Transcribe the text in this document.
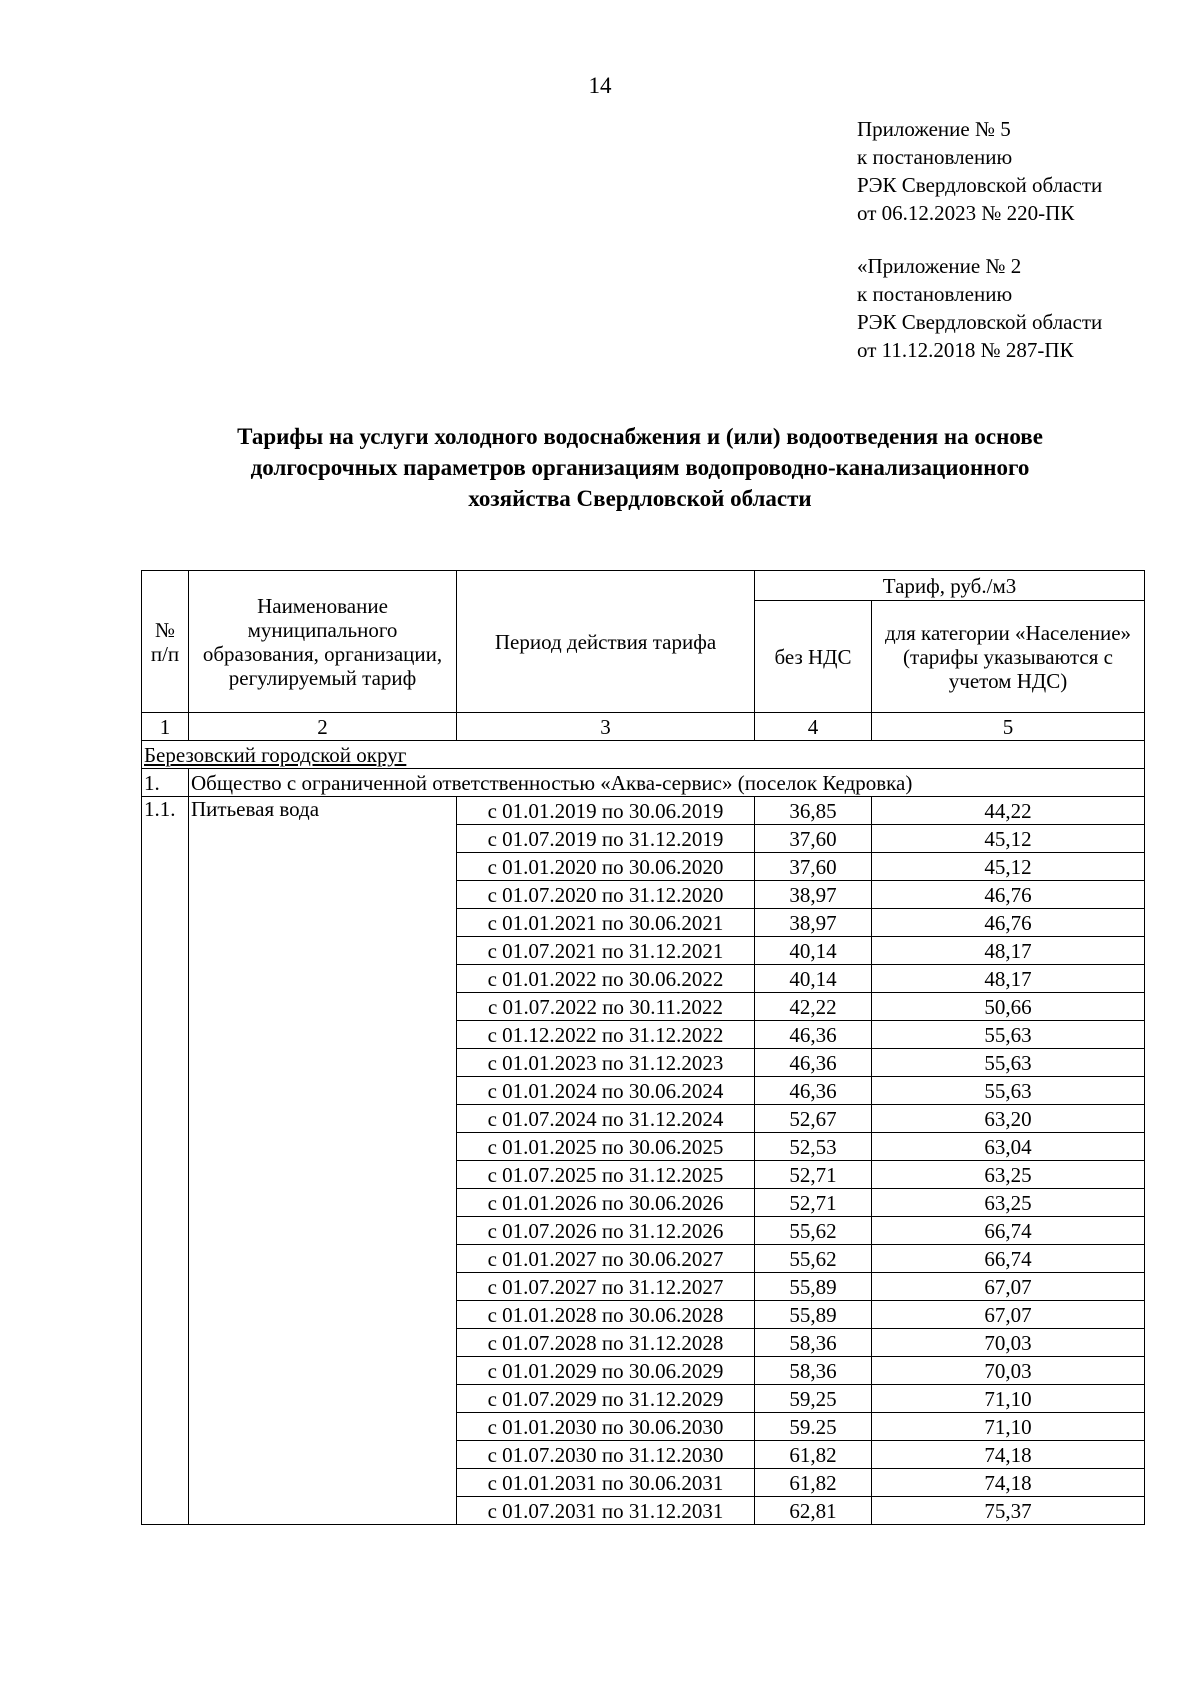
14
Приложение № 5
к постановлению
РЭК Свердловской области
от 06.12.2023 № 220-ПК
«Приложение № 2
к постановлению
РЭК Свердловской области
от 11.12.2018 № 287-ПК
Тарифы на услуги холодного водоснабжения и (или) водоотведения на основе
долгосрочных параметров организациям водопроводно-канализационного
хозяйства Свердловской области
№ п/п	Наименование муниципального образования, организации, регулируемый тариф	Период действия тарифа	Тариф, руб./м3	
			без НДС	для категории «Население» (тарифы указываются с учетом НДС)
1	2	3	4	5
Березовский городской округ				
1.	Общество с ограниченной ответственностью «Аква-сервис» (поселок Кедровка)			
1.1.	Питьевая вода	с 01.01.2019 по 30.06.2019	36,85	44,22
		с 01.07.2019 по 31.12.2019	37,60	45,12
		с 01.01.2020 по 30.06.2020	37,60	45,12
		с 01.07.2020 по 31.12.2020	38,97	46,76
		с 01.01.2021 по 30.06.2021	38,97	46,76
		с 01.07.2021 по 31.12.2021	40,14	48,17
		с 01.01.2022 по 30.06.2022	40,14	48,17
		с 01.07.2022 по 30.11.2022	42,22	50,66
		с 01.12.2022 по 31.12.2022	46,36	55,63
		с 01.01.2023 по 31.12.2023	46,36	55,63
		с 01.01.2024 по 30.06.2024	46,36	55,63
		с 01.07.2024 по 31.12.2024	52,67	63,20
		с 01.01.2025 по 30.06.2025	52,53	63,04
		с 01.07.2025 по 31.12.2025	52,71	63,25
		с 01.01.2026 по 30.06.2026	52,71	63,25
		с 01.07.2026 по 31.12.2026	55,62	66,74
		с 01.01.2027 по 30.06.2027	55,62	66,74
		с 01.07.2027 по 31.12.2027	55,89	67,07
		с 01.01.2028 по 30.06.2028	55,89	67,07
		с 01.07.2028 по 31.12.2028	58,36	70,03
		с 01.01.2029 по 30.06.2029	58,36	70,03
		с 01.07.2029 по 31.12.2029	59,25	71,10
		с 01.01.2030 по 30.06.2030	59.25	71,10
		с 01.07.2030 по 31.12.2030	61,82	74,18
		с 01.01.2031 по 30.06.2031	61,82	74,18
		с 01.07.2031 по 31.12.2031	62,81	75,37
